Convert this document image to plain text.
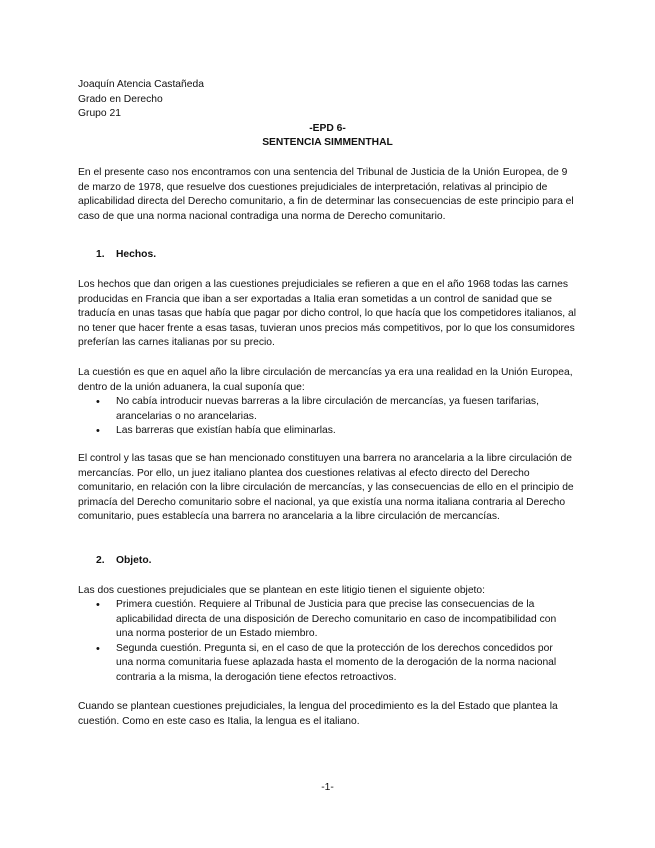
Joaquín Atencia Castañeda

Grado en Derecho

Grupo 21

-EPD 6-

SENTENCIA SIMMENTHAL

En el presente caso nos encontramos con una sentencia del Tribunal de Justicia de la Unión Europea, de 9 de marzo de 1978, que resuelve dos cuestiones prejudiciales de interpretación, relativas al principio de aplicabilidad directa del Derecho comunitario, a fin de determinar las consecuencias de este principio para el caso de que una norma nacional contradiga una norma de Derecho comunitario.

1. Hechos.

Los hechos que dan origen a las cuestiones prejudiciales se refieren a que en el año 1968 todas las carnes producidas en Francia que iban a ser exportadas a Italia eran sometidas a un control de sanidad que se traducía en unas tasas que había que pagar por dicho control, lo que hacía que los competidores italianos, al no tener que hacer frente a esas tasas, tuvieran unos precios más competitivos, por lo que los consumidores preferían las carnes italianas por su precio.

La cuestión es que en aquel año la libre circulación de mercancías ya era una realidad en la Unión Europea, dentro de la unión aduanera, la cual suponía que:

• No cabía introducir nuevas barreras a la libre circulación de mercancías, ya fuesen tarifarias, arancelarias o no arancelarias.
• Las barreras que existían había que eliminarlas.

El control y las tasas que se han mencionado constituyen una barrera no arancelaria a la libre circulación de mercancías. Por ello, un juez italiano plantea dos cuestiones relativas al efecto directo del Derecho comunitario, en relación con la libre circulación de mercancías, y las consecuencias de ello en el principio de primacía del Derecho comunitario sobre el nacional, ya que existía una norma italiana contraria al Derecho comunitario, pues establecía una barrera no arancelaria a la libre circulación de mercancías.

2. Objeto.

Las dos cuestiones prejudiciales que se plantean en este litigio tienen el siguiente objeto:

• Primera cuestión. Requiere al Tribunal de Justicia para que precise las consecuencias de la aplicabilidad directa de una disposición de Derecho comunitario en caso de incompatibilidad con una norma posterior de un Estado miembro.
• Segunda cuestión. Pregunta si, en el caso de que la protección de los derechos concedidos por una norma comunitaria fuese aplazada hasta el momento de la derogación de la norma nacional contraria a la misma, la derogación tiene efectos retroactivos.

Cuando se plantean cuestiones prejudiciales, la lengua del procedimiento es la del Estado que plantea la cuestión. Como en este caso es Italia, la lengua es el italiano.

-1-
